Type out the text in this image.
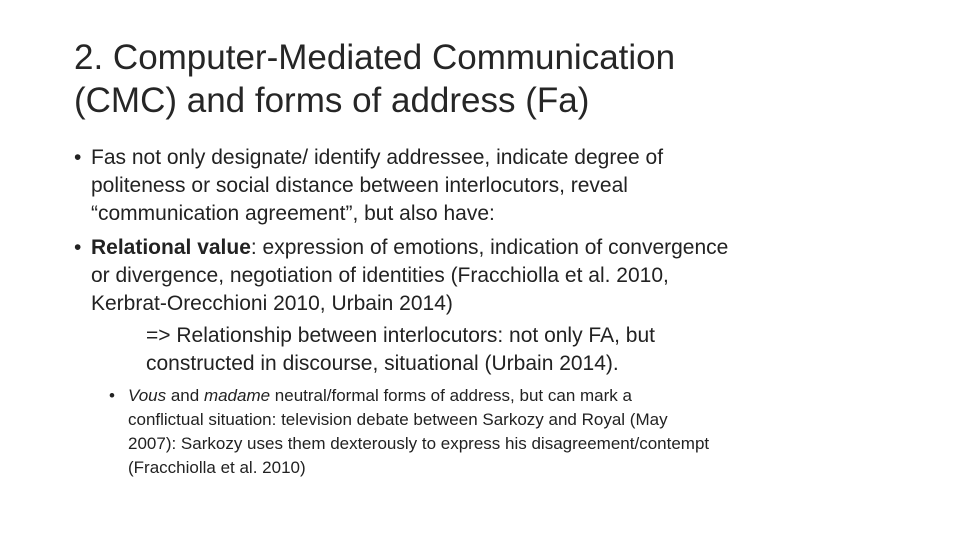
2. Computer-Mediated Communication
(CMC) and forms of address (Fa)
• Fas not only designate/ identify addressee, indicate degree of
politeness or social distance between interlocutors, reveal
“communication agreement”, but also have:
• Relational value: expression of emotions, indication of convergence
or divergence, negotiation of identities (Fracchiolla et al. 2010,
Kerbrat-Orecchioni 2010, Urbain 2014)
=> Relationship between interlocutors: not only FA, but
constructed in discourse, situational (Urbain 2014).
• Vous and madame neutral/formal forms of address, but can mark a
conflictual situation: television debate between Sarkozy and Royal (May
2007): Sarkozy uses them dexterously to express his disagreement/contempt
(Fracchiolla et al. 2010)
